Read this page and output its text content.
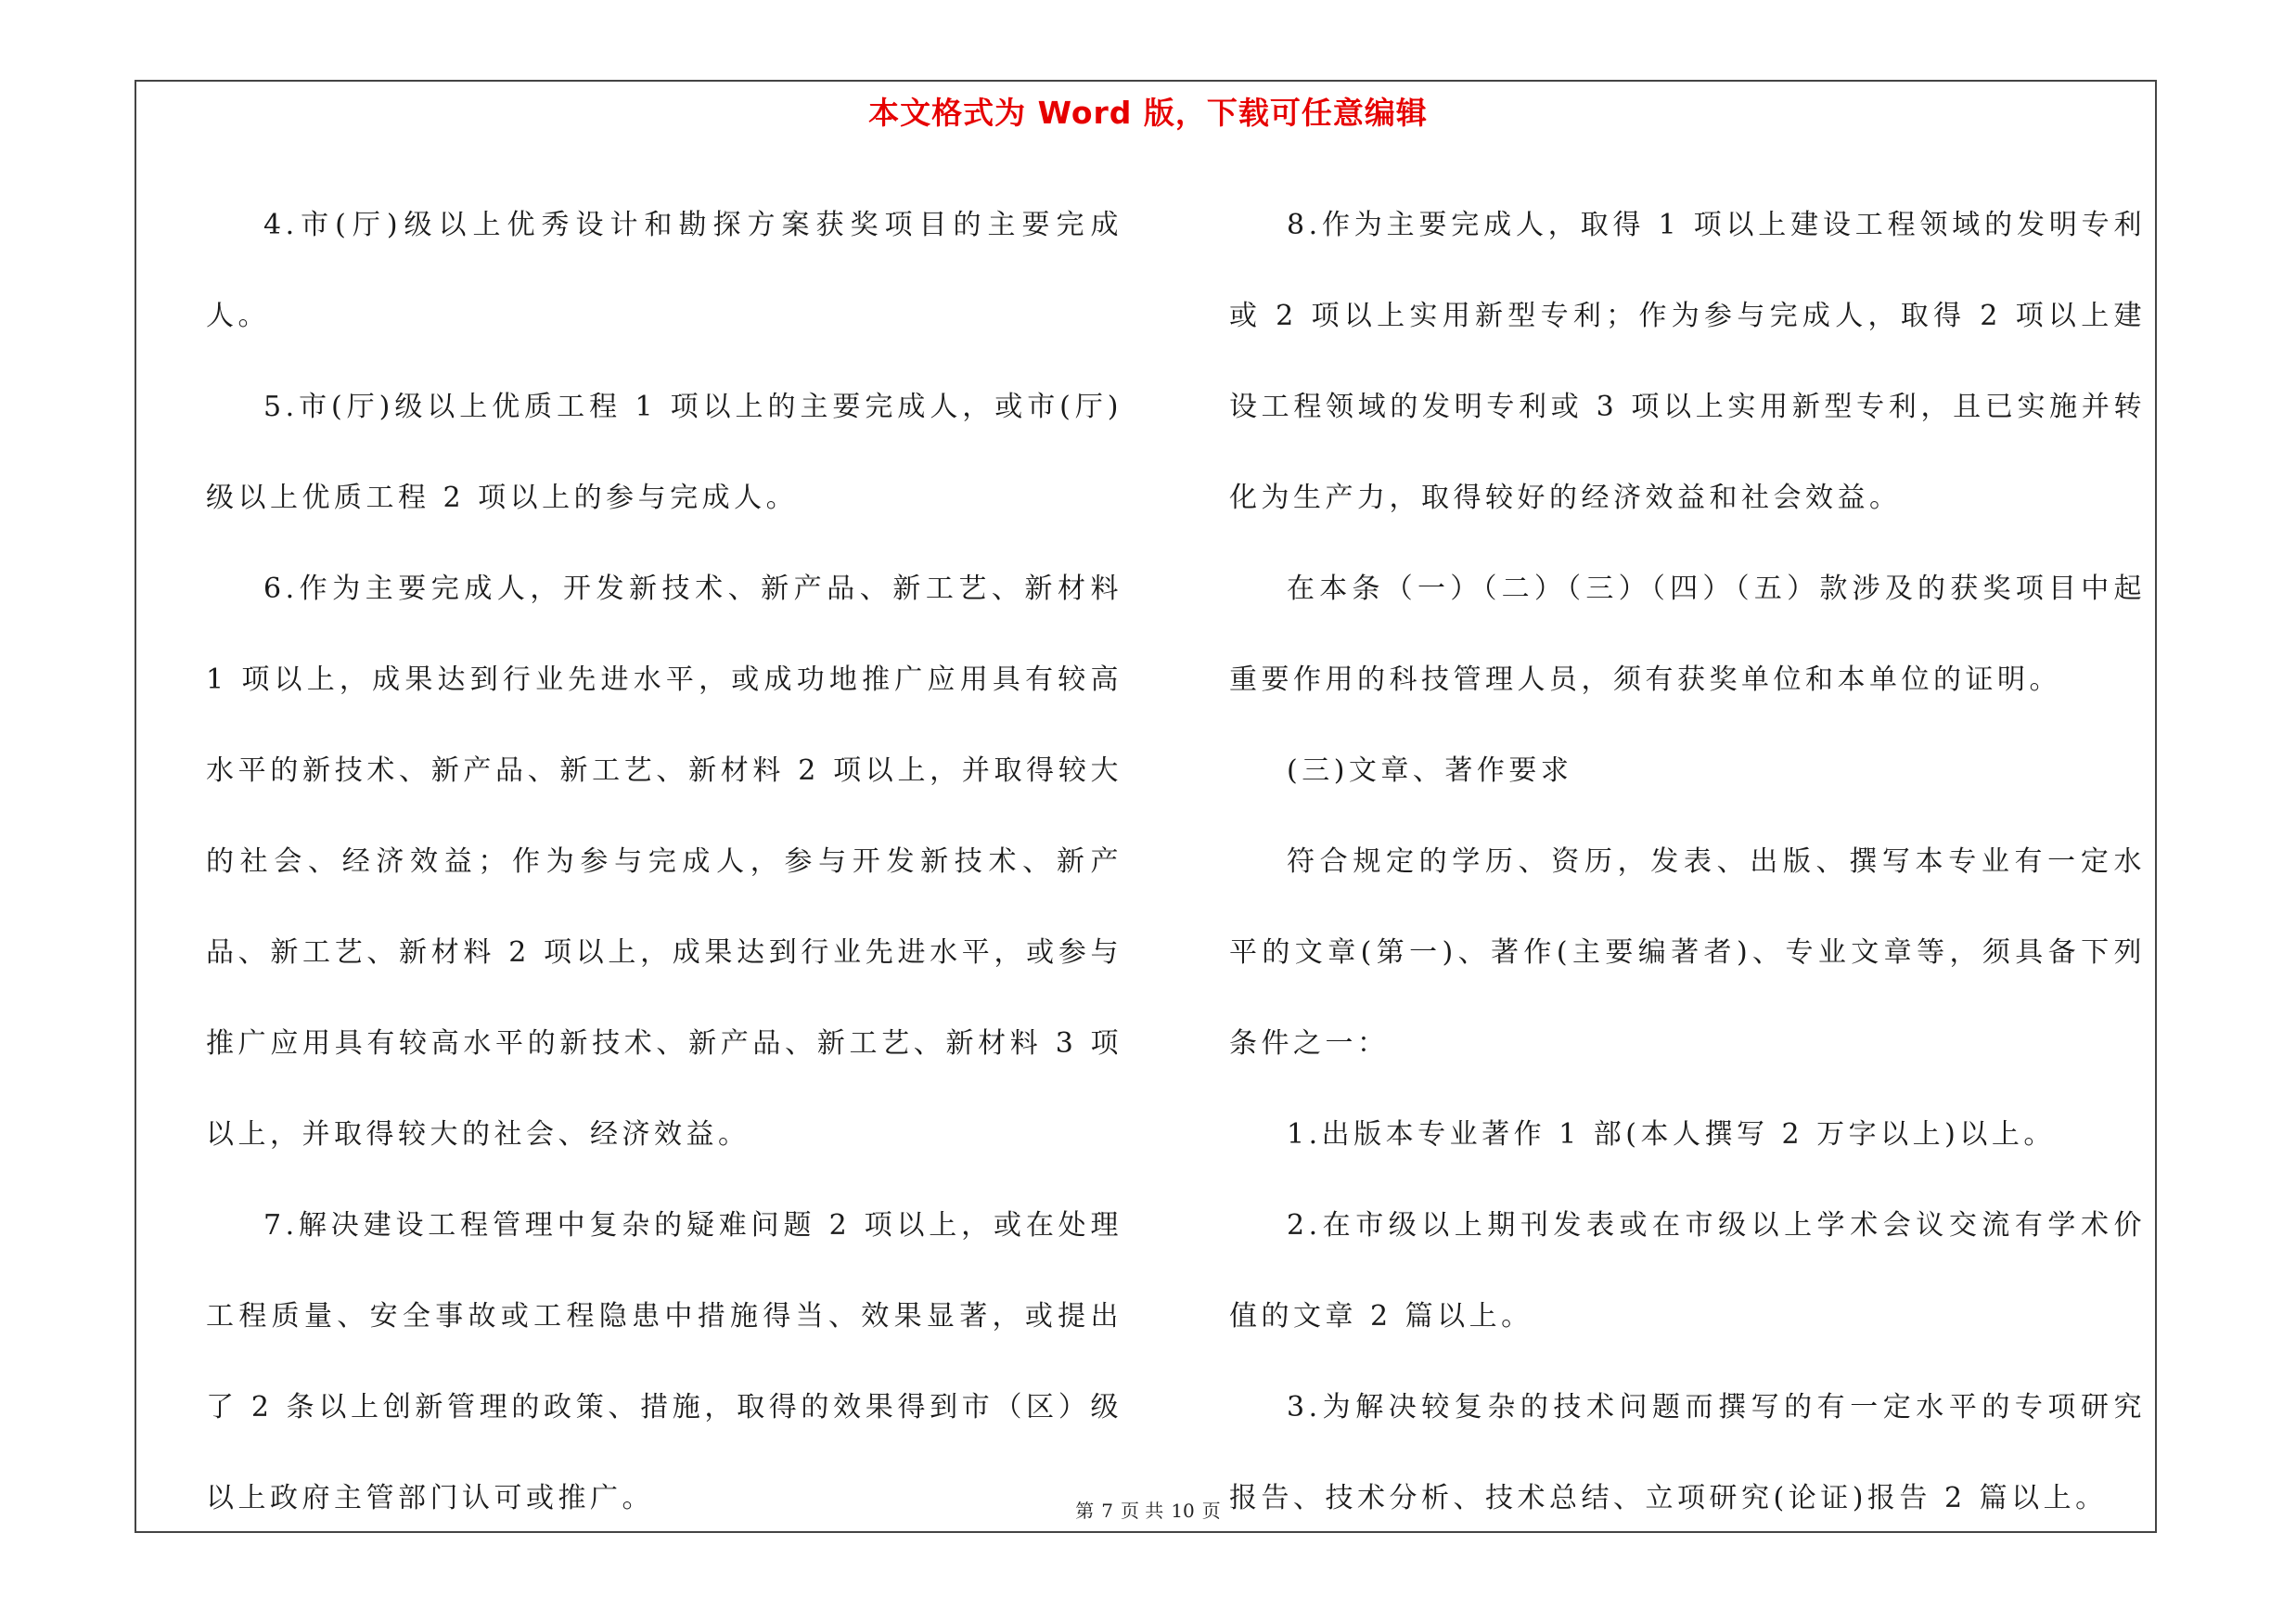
本文格式为 Word 版，下载可任意编辑

4.市(厅)级以上优秀设计和勘探方案获奖项目的主要完成人。

5.市(厅)级以上优质工程 1 项以上的主要完成人，或市(厅)级以上优质工程 2 项以上的参与完成人。

6.作为主要完成人，开发新技术、新产品、新工艺、新材料 1 项以上，成果达到行业先进水平，或成功地推广应用具有较高水平的新技术、新产品、新工艺、新材料 2 项以上，并取得较大的社会、经济效益；作为参与完成人，参与开发新技术、新产品、新工艺、新材料 2 项以上，成果达到行业先进水平，或参与推广应用具有较高水平的新技术、新产品、新工艺、新材料 3 项以上，并取得较大的社会、经济效益。

7.解决建设工程管理中复杂的疑难问题 2 项以上，或在处理工程质量、安全事故或工程隐患中措施得当、效果显著，或提出了 2 条以上创新管理的政策、措施，取得的效果得到市（区）级以上政府主管部门认可或推广。

8.作为主要完成人，取得 1 项以上建设工程领域的发明专利或 2 项以上实用新型专利；作为参与完成人，取得 2 项以上建设工程领域的发明专利或 3 项以上实用新型专利，且已实施并转化为生产力，取得较好的经济效益和社会效益。

在本条（一）（二）（三）（四）（五）款涉及的获奖项目中起重要作用的科技管理人员，须有获奖单位和本单位的证明。

(三)文章、著作要求

符合规定的学历、资历，发表、出版、撰写本专业有一定水平的文章(第一)、著作(主要编著者)、专业文章等，须具备下列条件之一：

1.出版本专业著作 1 部(本人撰写 2 万字以上)以上。

2.在市级以上期刊发表或在市级以上学术会议交流有学术价值的文章 2 篇以上。

3.为解决较复杂的技术问题而撰写的有一定水平的专项研究报告、技术分析、技术总结、立项研究(论证)报告 2 篇以上。

第 7 页 共 10 页
